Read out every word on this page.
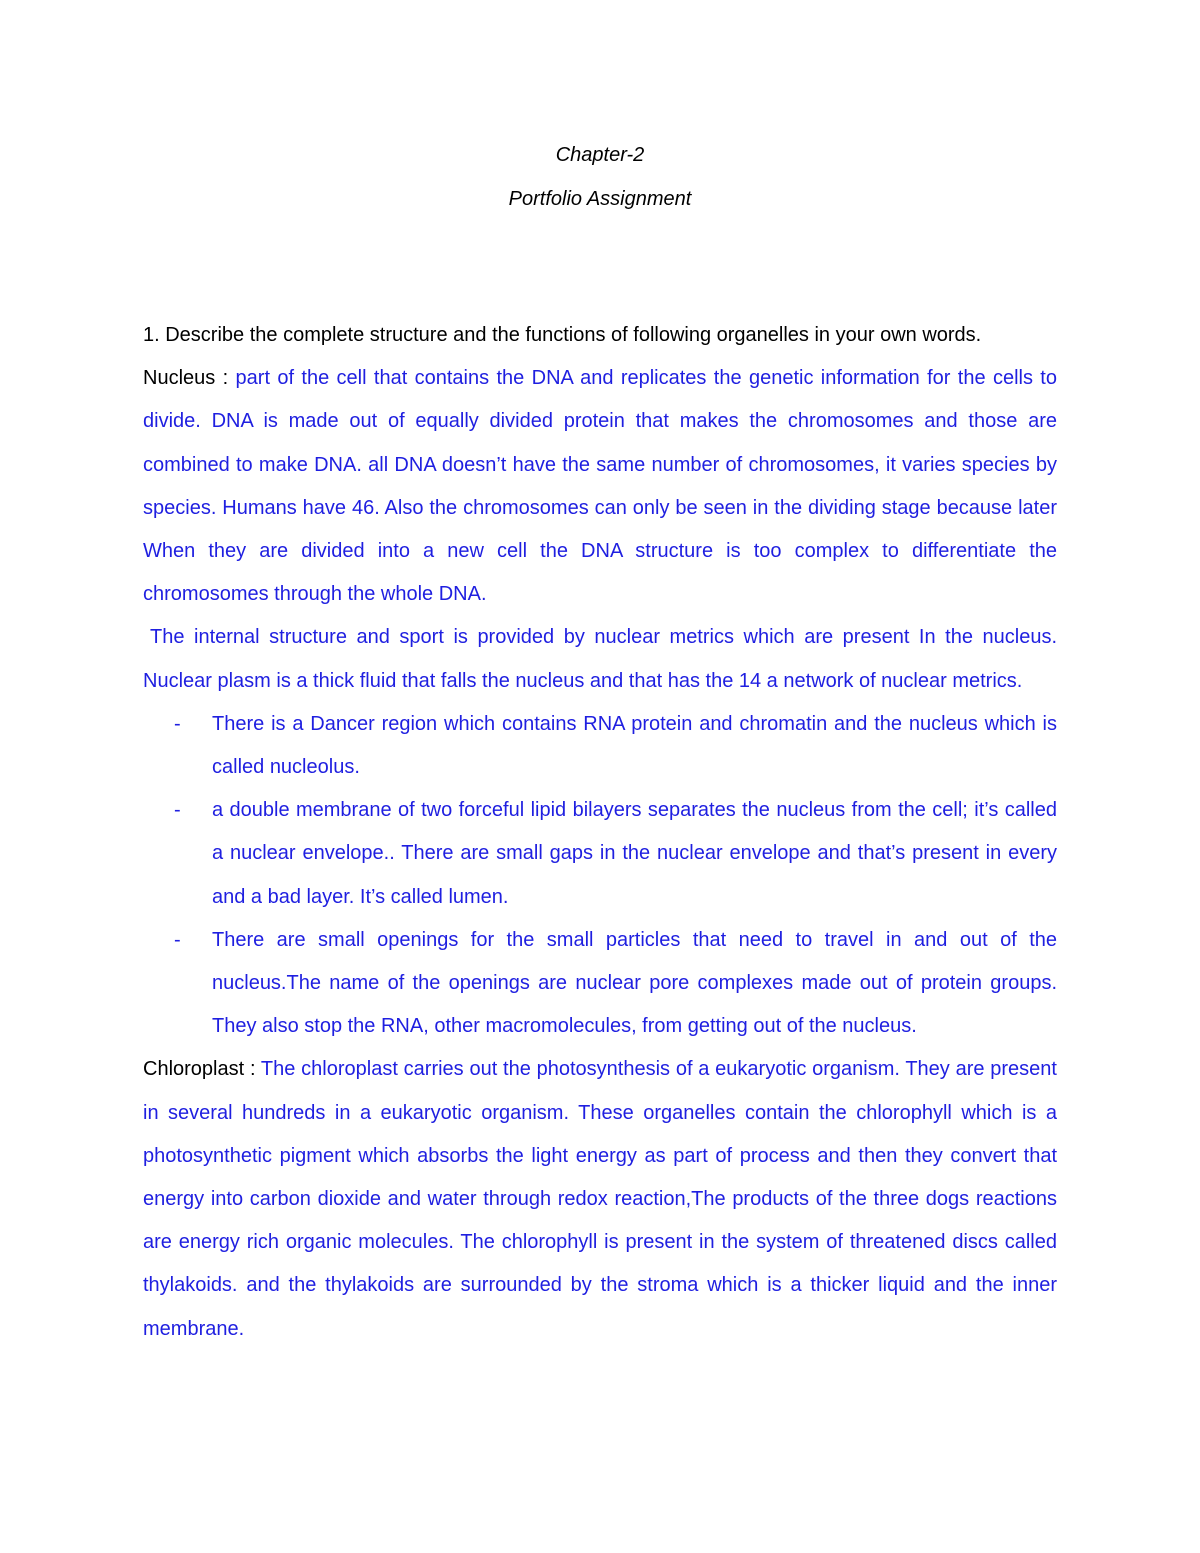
Chapter-2
Portfolio Assignment

1. Describe the complete structure and the functions of following organelles in your own words.

Nucleus : part of the cell that contains the DNA and replicates the genetic information for the cells to divide. DNA is made out of equally divided protein that makes the chromosomes and those are combined to make DNA. all DNA doesn’t have the same number of chromosomes, it varies species by species. Humans have 46. Also the chromosomes can only be seen in the dividing stage because later When they are divided into a new cell the DNA structure is too complex to differentiate the chromosomes through the whole DNA.

The internal structure and sport is provided by nuclear metrics which are present In the nucleus. Nuclear plasm is a thick fluid that falls the nucleus and that has the 14 a network of nuclear metrics.

- There is a Dancer region which contains RNA protein and chromatin and the nucleus which is called nucleolus.
- a double membrane of two forceful lipid bilayers separates the nucleus from the cell; it’s called a nuclear envelope.. There are small gaps in the nuclear envelope and that’s present in every and a bad layer. It’s called lumen.
- There are small openings for the small particles that need to travel in and out of the nucleus.The name of the openings are nuclear pore complexes made out of protein groups. They also stop the RNA, other macromolecules, from getting out of the nucleus.

Chloroplast : The chloroplast carries out the photosynthesis of a eukaryotic organism. They are present in several hundreds in a eukaryotic organism. These organelles contain the chlorophyll which is a photosynthetic pigment which absorbs the light energy as part of process and then they convert that energy into carbon dioxide and water through redox reaction,The products of the three dogs reactions are energy rich organic molecules. The chlorophyll is present in the system of threatened discs called thylakoids. and the thylakoids are surrounded by the stroma which is a thicker liquid and the inner membrane.
